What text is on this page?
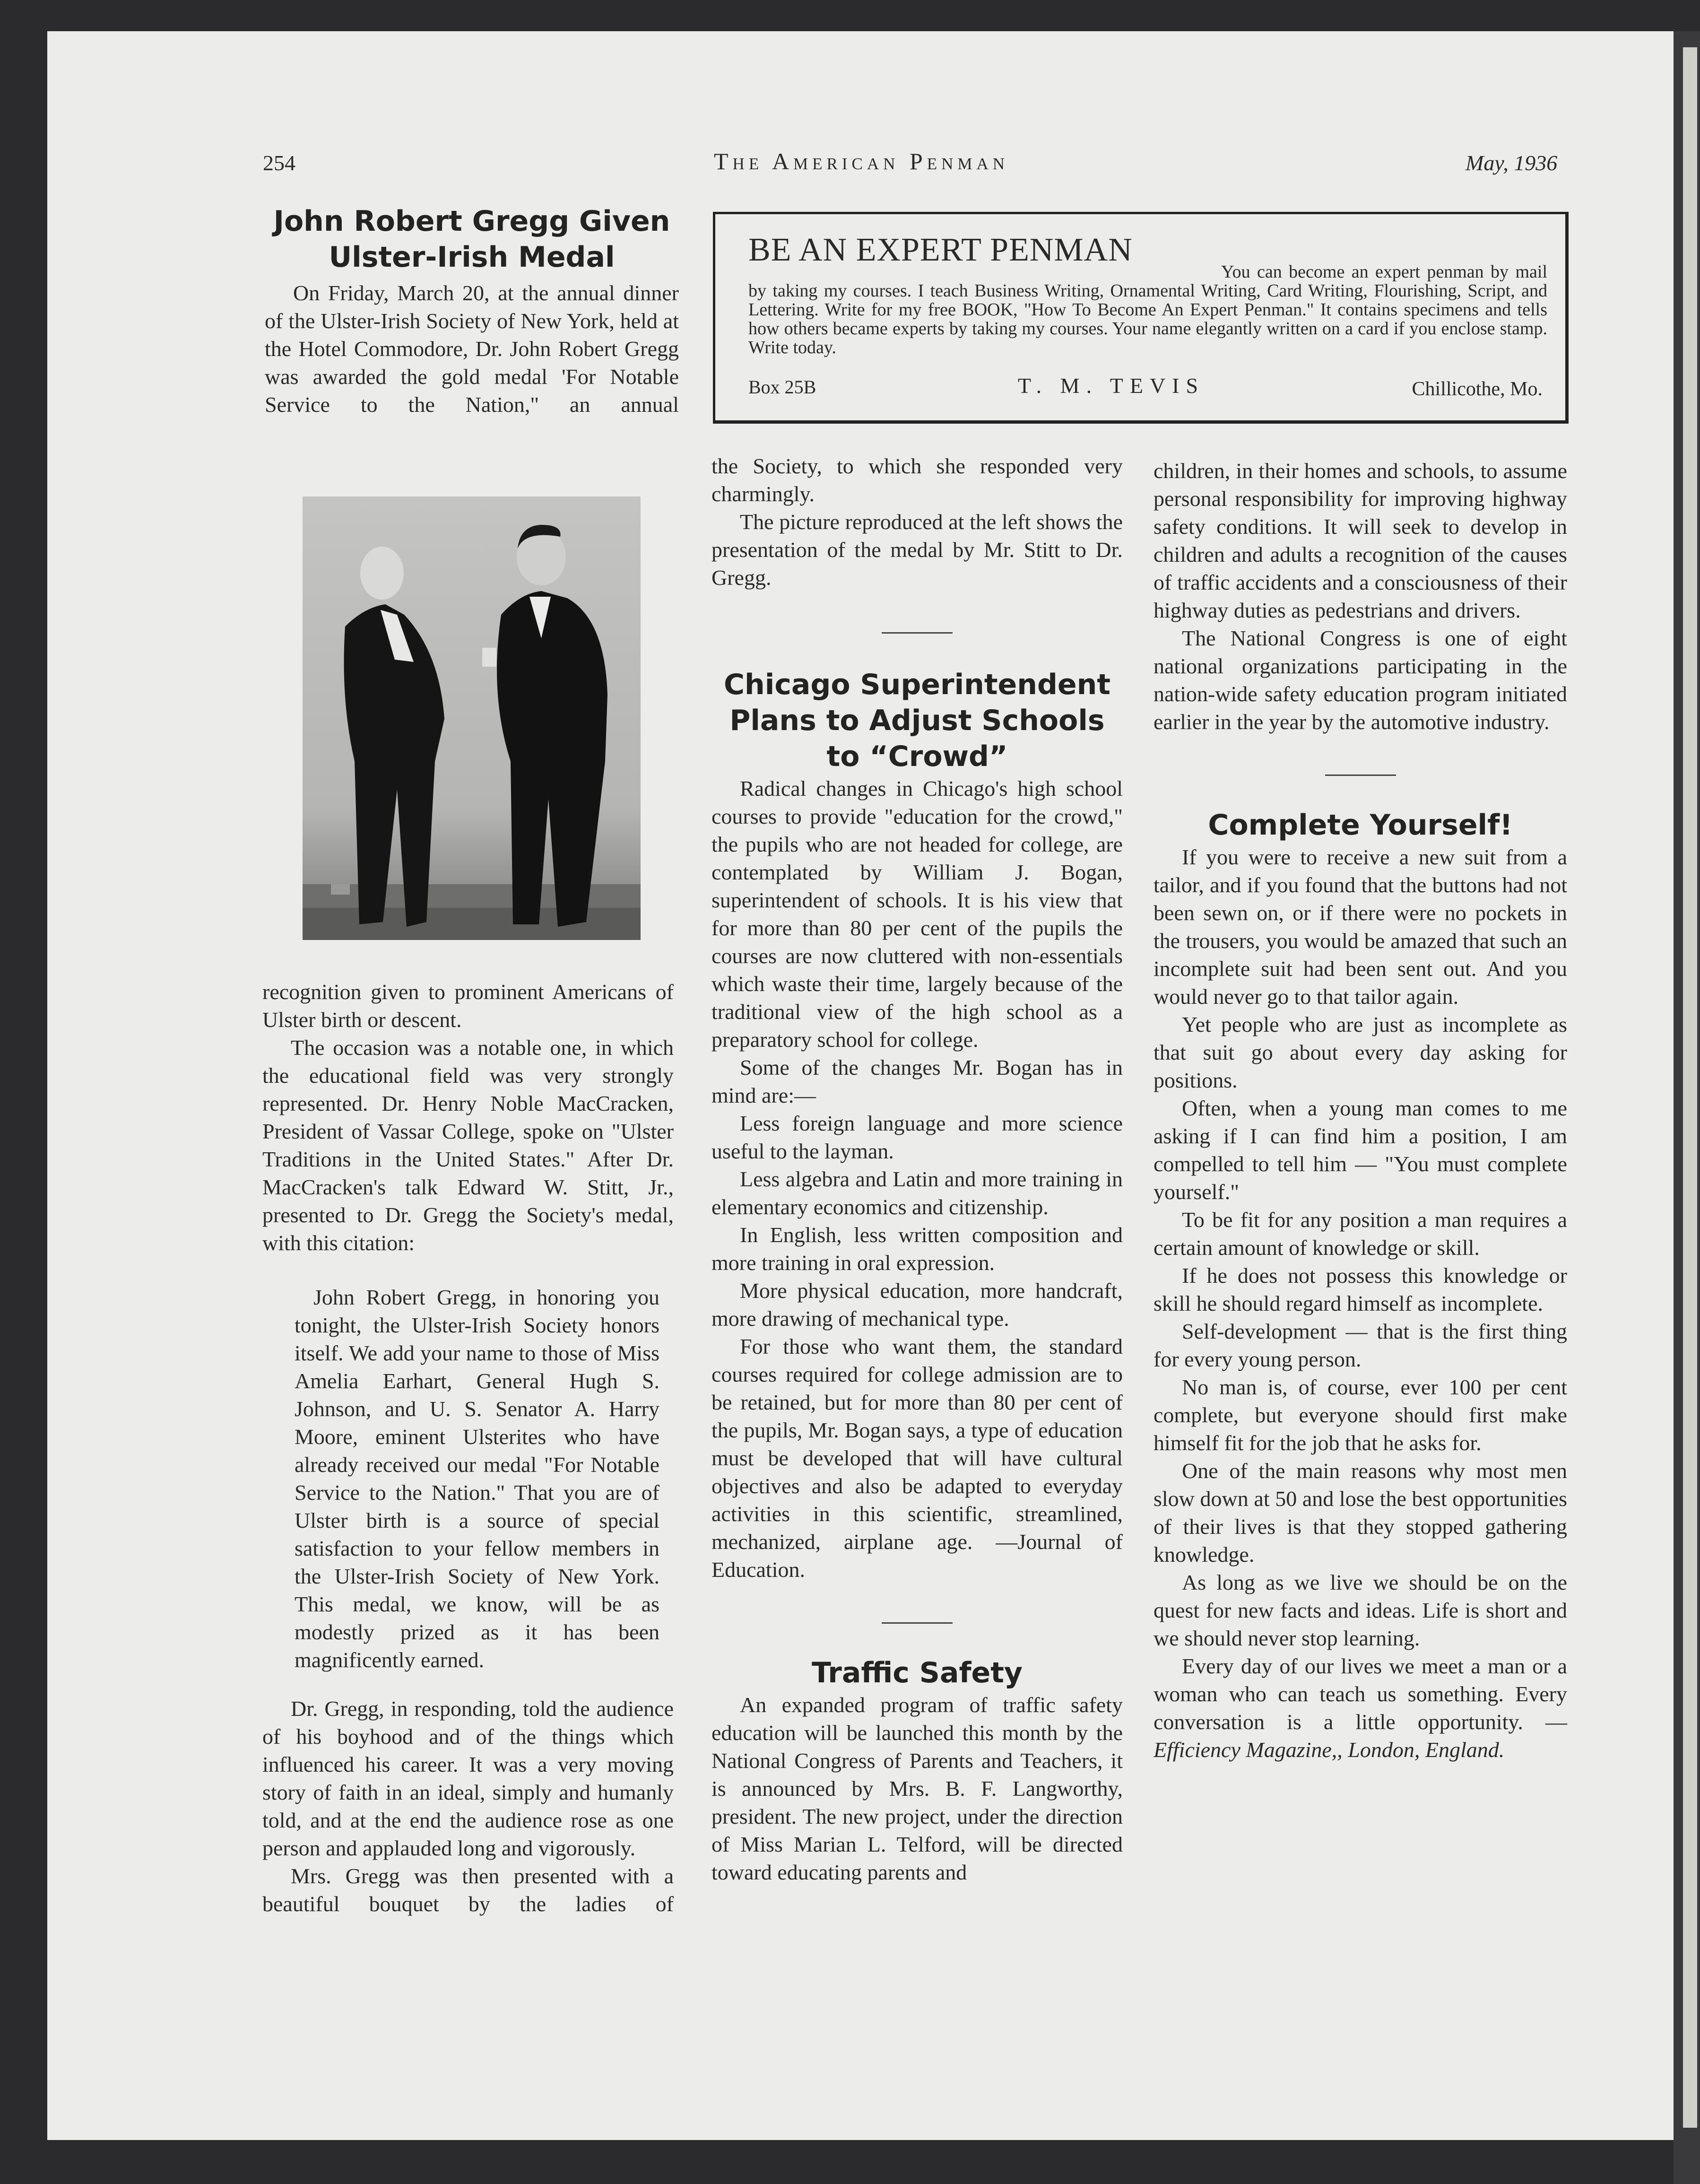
254	The American Penman	May, 1936
BE AN EXPERT PENMAN
You can become an expert penman by mail by taking my courses. I teach Business Writing, Ornamental Writing, Card Writing, Flourishing, Script, and Lettering. Write for my free BOOK, "How To Become An Expert Penman." It contains specimens and tells how others became experts by taking my courses. Your name elegantly written on a card if you enclose stamp. Write today.
Box 25B	T. M. TEVIS	Chillicothe, Mo.
John Robert Gregg Given
Ulster-Irish Medal

On Friday, March 20, at the annual dinner of the Ulster-Irish Society of New York, held at the Hotel Commodore, Dr. John Robert Gregg was awarded the gold medal 'For Notable Service to the Nation," an annual

recognition given to prominent Americans of Ulster birth or descent.

The occasion was a notable one, in which the educational field was very strongly represented. Dr. Henry Noble MacCracken, President of Vassar College, spoke on "Ulster Traditions in the United States." After Dr. MacCracken's talk Edward W. Stitt, Jr., presented to Dr. Gregg the Society's medal, with this citation:

John Robert Gregg, in honoring you tonight, the Ulster-Irish Society honors itself. We add your name to those of Miss Amelia Earhart, General Hugh S. Johnson, and U. S. Senator A. Harry Moore, eminent Ulsterites who have already received our medal "For Notable Service to the Nation." That you are of Ulster birth is a source of special satisfaction to your fellow members in the Ulster-Irish Society of New York. This medal, we know, will be as modestly prized as it has been magnificently earned.

Dr. Gregg, in responding, told the audience of his boyhood and of the things which influenced his career. It was a very moving story of faith in an ideal, simply and humanly told, and at the end the audience rose as one person and applauded long and vigorously.

Mrs. Gregg was then presented with a beautiful bouquet by the ladies of

the Society, to which she responded very charmingly.

The picture reproduced at the left shows the presentation of the medal by Mr. Stitt to Dr. Gregg.

Chicago Superintendent
Plans to Adjust Schools
to “Crowd”

Radical changes in Chicago's high school courses to provide "education for the crowd," the pupils who are not headed for college, are contemplated by William J. Bogan, superintendent of schools. It is his view that for more than 80 per cent of the pupils the courses are now cluttered with non-essentials which waste their time, largely because of the traditional view of the high school as a preparatory school for college.

Some of the changes Mr. Bogan has in mind are:—

Less foreign language and more science useful to the layman.

Less algebra and Latin and more training in elementary economics and citizenship.

In English, less written composition and more training in oral expression.

More physical education, more handcraft, more drawing of mechanical type.

For those who want them, the standard courses required for college admission are to be retained, but for more than 80 per cent of the pupils, Mr. Bogan says, a type of education must be developed that will have cultural objectives and also be adapted to everyday activities in this scientific, streamlined, mechanized, airplane age. —Journal of Education.

Traffic Safety

An expanded program of traffic safety education will be launched this month by the National Congress of Parents and Teachers, it is announced by Mrs. B. F. Langworthy, president. The new project, under the direction of Miss Marian L. Telford, will be directed toward educating parents and

children, in their homes and schools, to assume personal responsibility for improving highway safety conditions. It will seek to develop in children and adults a recognition of the causes of traffic accidents and a consciousness of their highway duties as pedestrians and drivers.

The National Congress is one of eight national organizations participating in the nation-wide safety education program initiated earlier in the year by the automotive industry.

Complete Yourself!

If you were to receive a new suit from a tailor, and if you found that the buttons had not been sewn on, or if there were no pockets in the trousers, you would be amazed that such an incomplete suit had been sent out. And you would never go to that tailor again.

Yet people who are just as incomplete as that suit go about every day asking for positions.

Often, when a young man comes to me asking if I can find him a position, I am compelled to tell him — "You must complete yourself."

To be fit for any position a man requires a certain amount of knowledge or skill.

If he does not possess this knowledge or skill he should regard himself as incomplete.

Self-development — that is the first thing for every young person.

No man is, of course, ever 100 per cent complete, but everyone should first make himself fit for the job that he asks for.

One of the main reasons why most men slow down at 50 and lose the best opportunities of their lives is that they stopped gathering knowledge.

As long as we live we should be on the quest for new facts and ideas. Life is short and we should never stop learning.

Every day of our lives we meet a man or a woman who can teach us something. Every conversation is a little opportunity. — Efficiency Magazine,, London, England.
